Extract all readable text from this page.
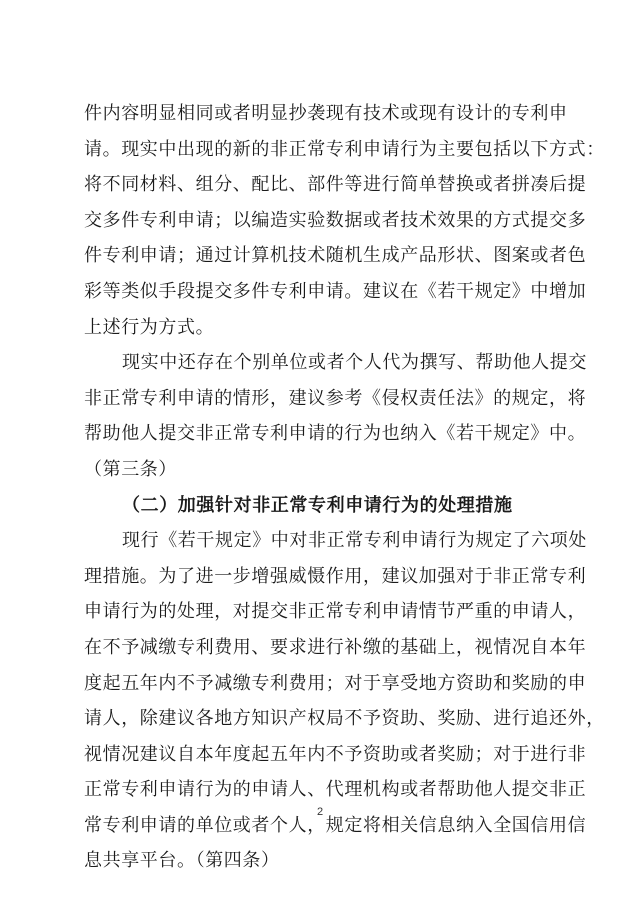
件内容明显相同或者明显抄袭现有技术或现有设计的专利申
请。现实中出现的新的非正常专利申请行为主要包括以下方式：
将不同材料、组分、配比、部件等进行简单替换或者拼凑后提
交多件专利申请；以编造实验数据或者技术效果的方式提交多
件专利申请；通过计算机技术随机生成产品形状、图案或者色
彩等类似手段提交多件专利申请。建议在《若干规定》中增加
上述行为方式。
现实中还存在个别单位或者个人代为撰写、帮助他人提交
非正常专利申请的情形，建议参考《侵权责任法》的规定，将
帮助他人提交非正常专利申请的行为也纳入《若干规定》中。
（第三条）
（二）加强针对非正常专利申请行为的处理措施
现行《若干规定》中对非正常专利申请行为规定了六项处
理措施。为了进一步增强威慑作用，建议加强对于非正常专利
申请行为的处理，对提交非正常专利申请情节严重的申请人，
在不予减缴专利费用、要求进行补缴的基础上，视情况自本年
度起五年内不予减缴专利费用；对于享受地方资助和奖励的申
请人，除建议各地方知识产权局不予资助、奖励、进行追还外，
视情况建议自本年度起五年内不予资助或者奖励；对于进行非
正常专利申请行为的申请人、代理机构或者帮助他人提交非正
常专利申请的单位或者个人，规定将相关信息纳入全国信用信
息共享平台。（第四条）
2
